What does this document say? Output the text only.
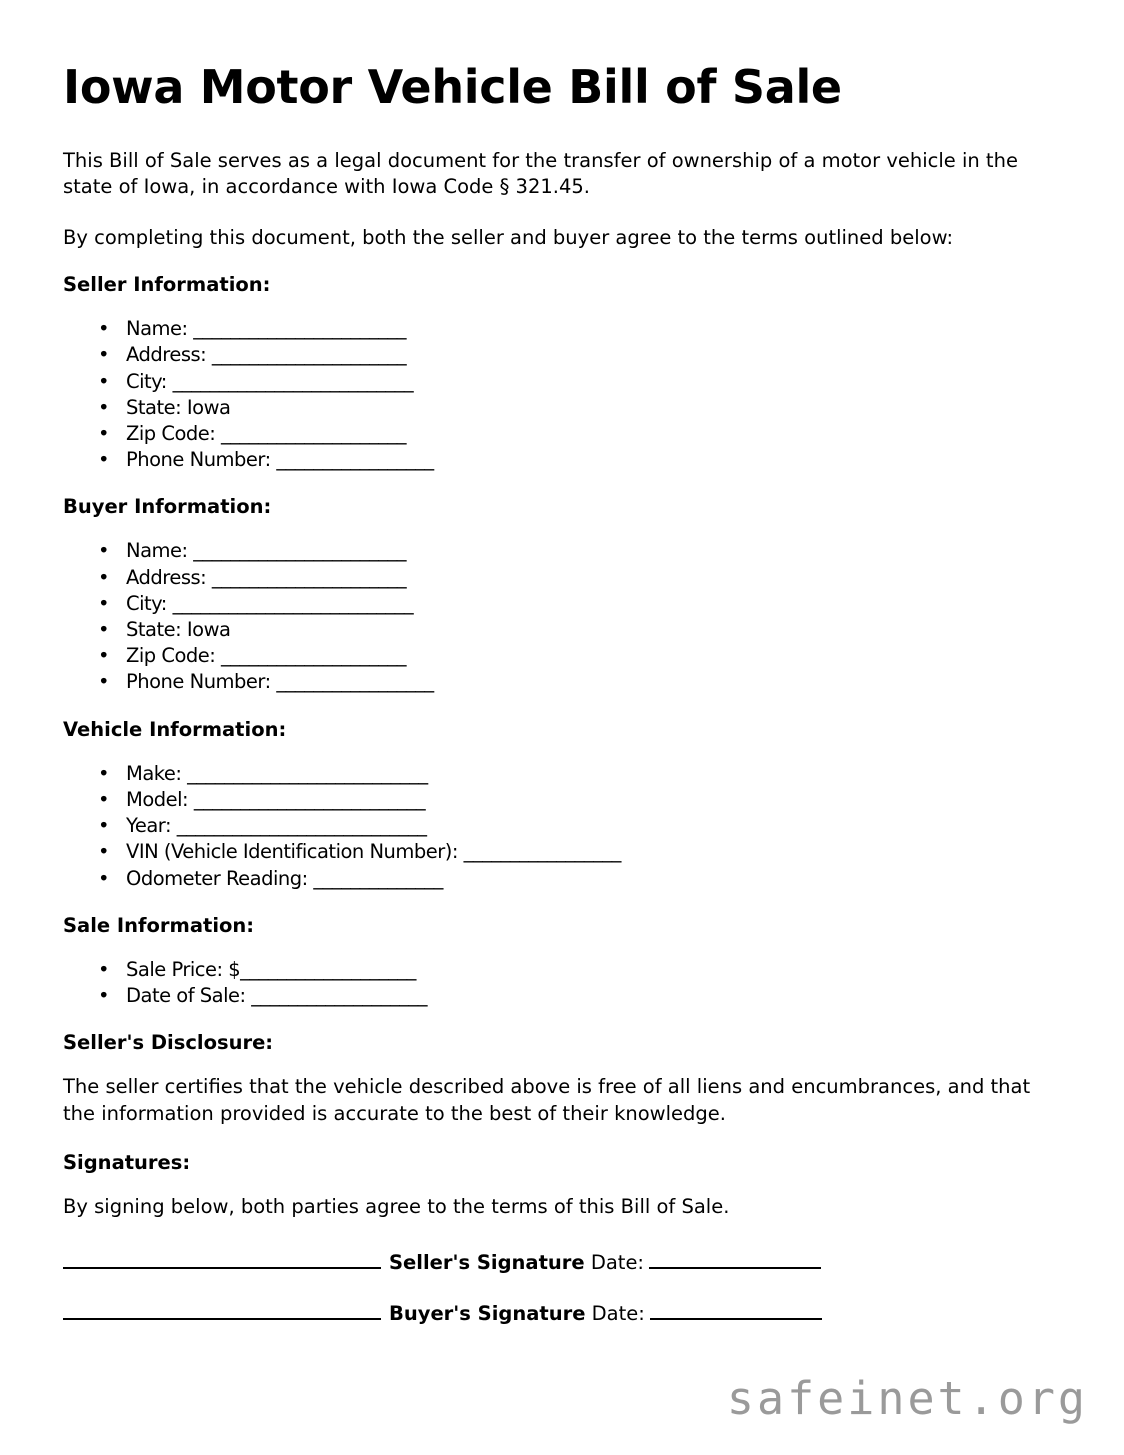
Iowa Motor Vehicle Bill of Sale

This Bill of Sale serves as a legal document for the transfer of ownership of a motor vehicle in the state of Iowa, in accordance with Iowa Code § 321.45.

By completing this document, both the seller and buyer agree to the terms outlined below:

Seller Information:
• Name: _______________________
• Address: _____________________
• City: __________________________
• State: Iowa
• Zip Code: ____________________
• Phone Number: _________________
Buyer Information:
• Name: _______________________
• Address: _____________________
• City: __________________________
• State: Iowa
• Zip Code: ____________________
• Phone Number: _________________
Vehicle Information:
• Make: __________________________
• Model: _________________________
• Year: ___________________________
• VIN (Vehicle Identification Number): _________________
• Odometer Reading: ______________
Sale Information:
• Sale Price: $___________________
• Date of Sale: ___________________
Seller's Disclosure:

The seller certifies that the vehicle described above is free of all liens and encumbrances, and that the information provided is accurate to the best of their knowledge.

Signatures:

By signing below, both parties agree to the terms of this Bill of Sale.

Seller's Signature Date:
Buyer's Signature Date:
safeinet.org
